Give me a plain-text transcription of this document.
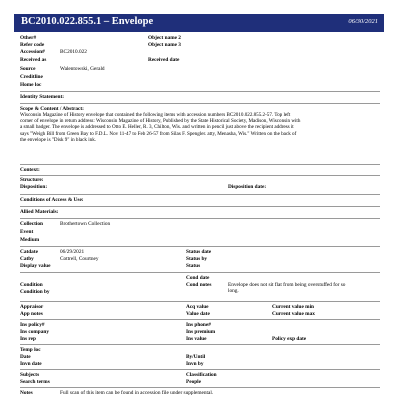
BC2010.022.855.1 – Envelope	06/30/2021
Other#	Object name 2
Refer code	Object name 3
Accession#	BC2010.022
Received as	Received date
Source	Walentowski, Gerald
Creditline
Home loc
Identity Statement:
Scope & Content / Abstract:
Wisconsin Magazine of History envelope that contained the following items with accession numbers BC2010.022.855.2-57. Top left
corner of envelope in return address: Wisconsin Magazine of History, Published by the State Historical Society, Madison, Wisconsin with
a small badger. The envelope is addressed to Otto E. Heller, R. 3, Chilton, Wis. and written in pencil just above the recipient address it
says "Weigh Bill from Green Bay to F.D.L. Nov 11-47 to Feb 26-57 from Silas F. Spengler. atty, Menasha, Wis." Written on the back of
the envelope is "Disk 9" in black ink.
Context:
Structure:
Disposition:	Disposition date:
Conditions of Access & Use:
Allied Materials:
Collection	Brothertown Collection
Event
Medium
Catdate	06/29/2021	Status date
Catby	Cottrell, Courtney	Status by
Display value	Status
Cond date
Condition	Cond notes	Envelope does not sit flat from being overstuffed for so
long.
Condition by
Appraisor	Acq value	Current value min
App notes	Value date	Current value max
Ins policy#	Ins phone#
Ins company	Ins premium
Ins rep	Ins value	Policy exp date
Temp loc
Date	By/Until
Invn date	Invn by
Subjects	Classification
Search terms	People
Notes	Full scan of this item can be found in accession file under supplemental.
